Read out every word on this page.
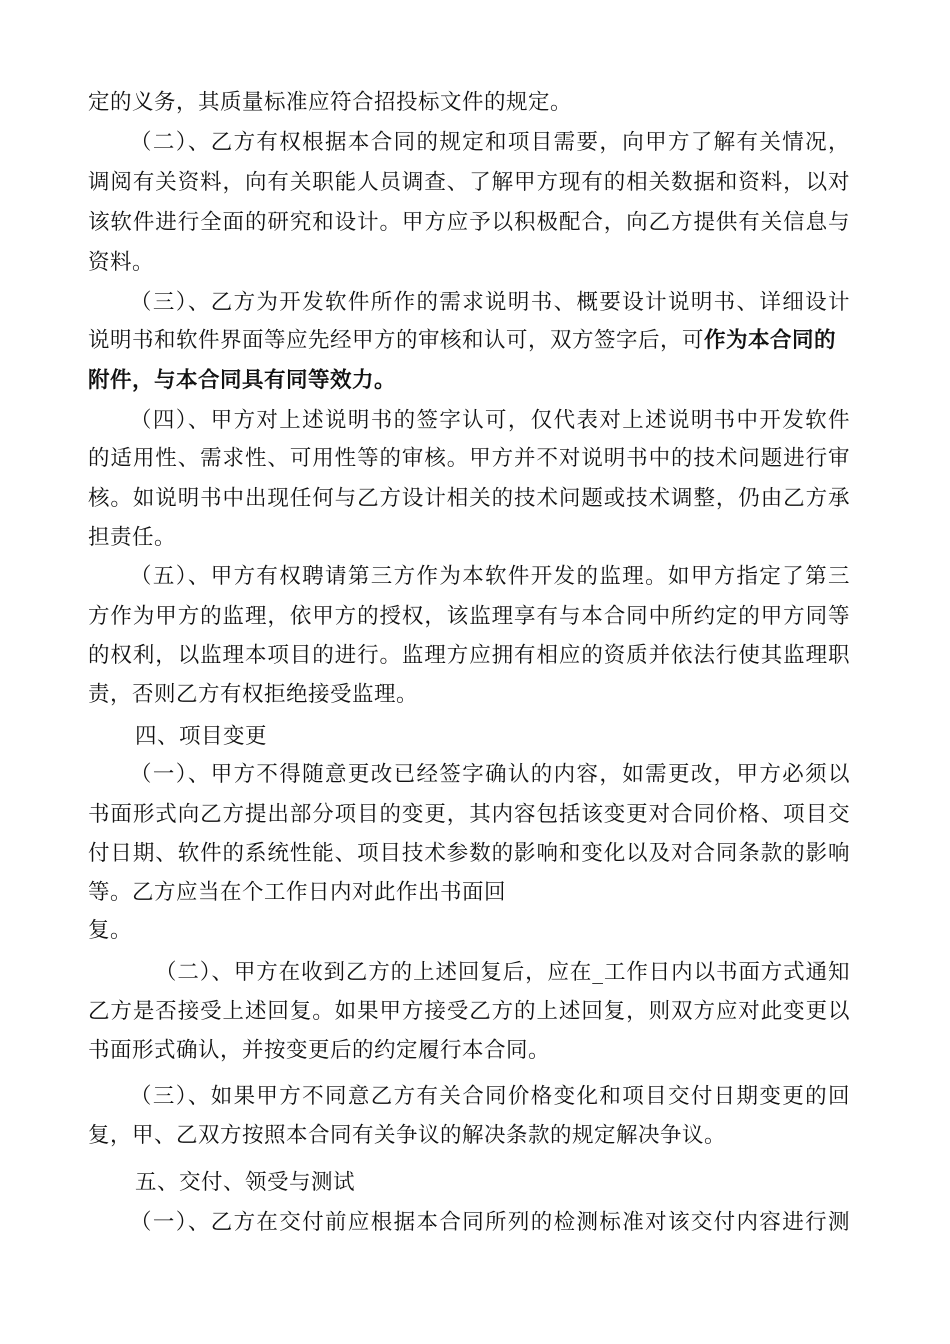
定的义务，其质量标准应符合招投标文件的规定。
（二）、乙方有权根据本合同的规定和项目需要，向甲方了解有关情况，
调阅有关资料，向有关职能人员调查、了解甲方现有的相关数据和资料，以对
该软件进行全面的研究和设计。甲方应予以积极配合，向乙方提供有关信息与
资料。
（三）、乙方为开发软件所作的需求说明书、概要设计说明书、详细设计
说明书和软件界面等应先经甲方的审核和认可，双方签字后，可作为本合同的
附件，与本合同具有同等效力。
（四）、甲方对上述说明书的签字认可，仅代表对上述说明书中开发软件
的适用性、需求性、可用性等的审核。甲方并不对说明书中的技术问题进行审
核。如说明书中出现任何与乙方设计相关的技术问题或技术调整，仍由乙方承
担责任。
（五）、甲方有权聘请第三方作为本软件开发的监理。如甲方指定了第三
方作为甲方的监理，依甲方的授权，该监理享有与本合同中所约定的甲方同等
的权利，以监理本项目的进行。监理方应拥有相应的资质并依法行使其监理职
责，否则乙方有权拒绝接受监理。
四、项目变更
（一）、甲方不得随意更改已经签字确认的内容，如需更改，甲方必须以
书面形式向乙方提出部分项目的变更，其内容包括该变更对合同价格、项目交
付日期、软件的系统性能、项目技术参数的影响和变化以及对合同条款的影响
等。乙方应当在个工作日内对此作出书面回
复。
（二）、甲方在收到乙方的上述回复后，应在_工作日内以书面方式通知
乙方是否接受上述回复。如果甲方接受乙方的上述回复，则双方应对此变更以
书面形式确认，并按变更后的约定履行本合同。
（三）、如果甲方不同意乙方有关合同价格变化和项目交付日期变更的回
复，甲、乙双方按照本合同有关争议的解决条款的规定解决争议。
五、交付、领受与测试
（一）、乙方在交付前应根据本合同所列的检测标准对该交付内容进行测
